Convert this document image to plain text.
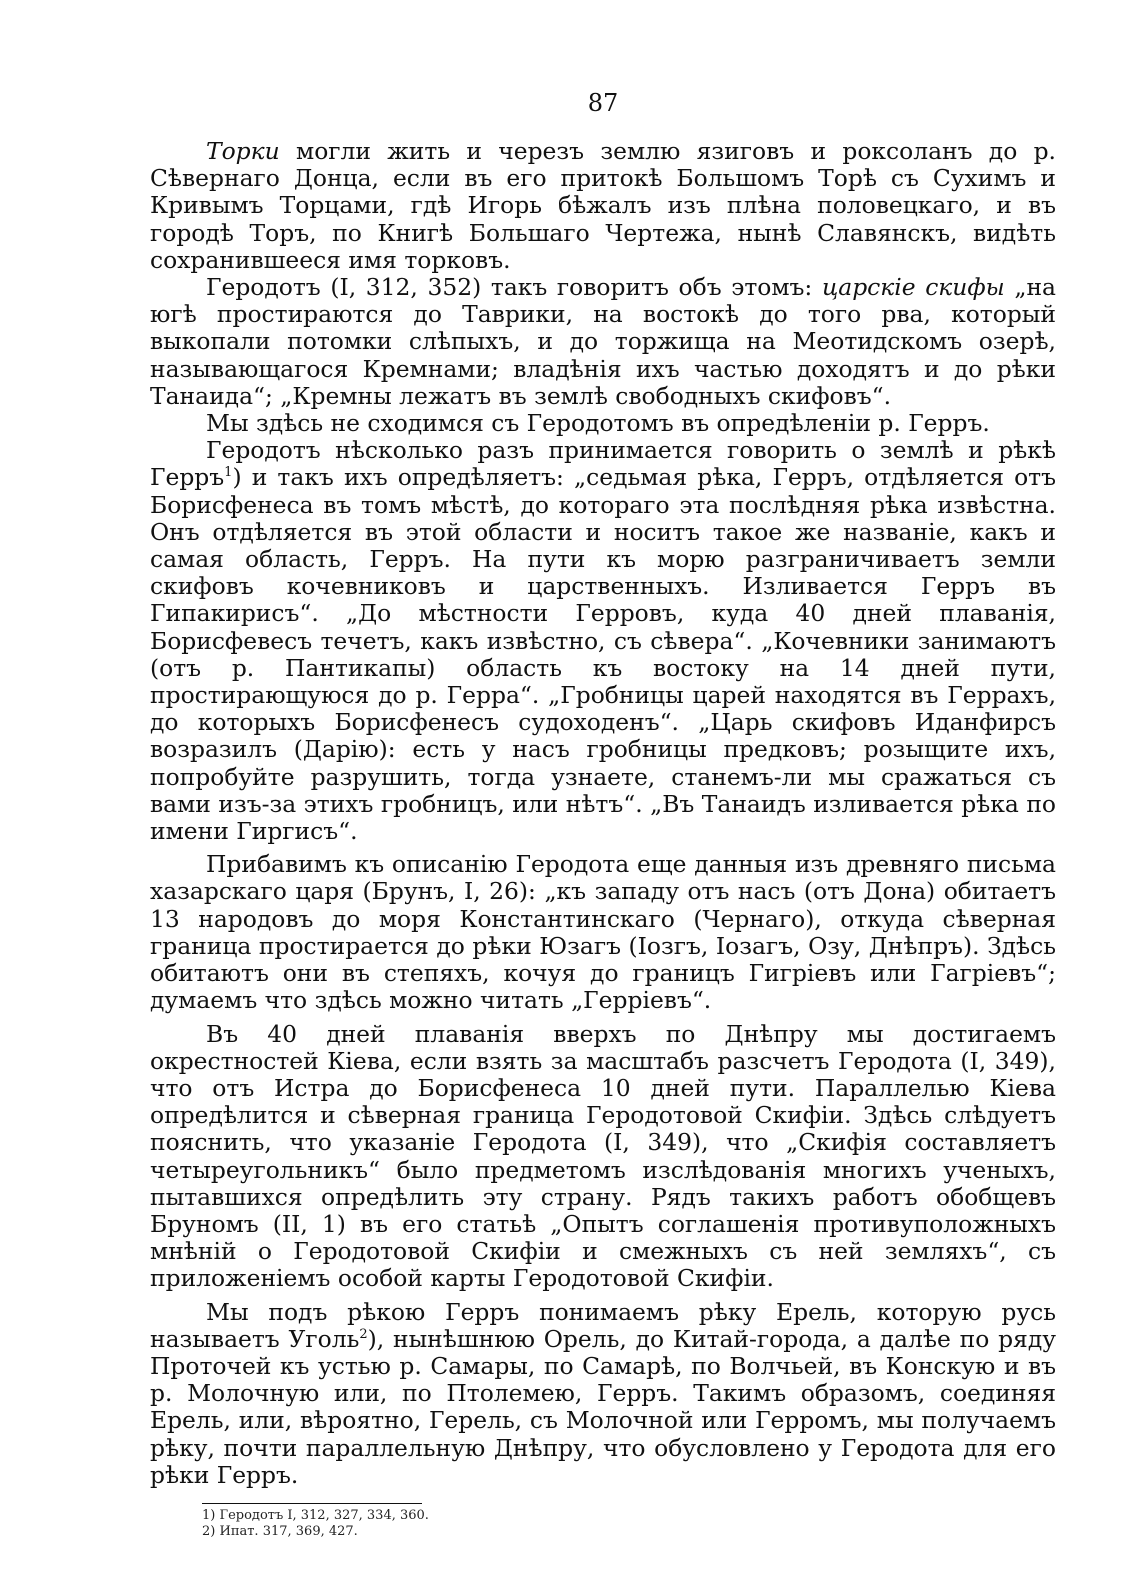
87

Торки могли жить и черезъ землю язиговъ и роксоланъ до р. Сѣвернаго Донца, если въ его притокѣ Большомъ Торѣ съ Сухимъ и Кривымъ Торцами, гдѣ Игорь бѣжалъ изъ плѣна половецкаго, и въ городѣ Торъ, по Книгѣ Большаго Чертежа, нынѣ Славянскъ, видѣть сохранившееся имя торковъ.

Геродотъ (I, 312, 352) такъ говоритъ объ этомъ: царскіе скифы „на югѣ простираются до Таврики, на востокѣ до того рва, который выкопали потомки слѣпыхъ, и до торжища на Меотидскомъ озерѣ, называющагося Кремнами; владѣнія ихъ частью доходятъ и до рѣки Танаида“; „Кремны лежатъ въ землѣ свободныхъ скифовъ“.

Мы здѣсь не сходимся съ Геродотомъ въ опредѣленіи р. Герръ.

Геродотъ нѣсколько разъ принимается говорить о землѣ и рѣкѣ Герръ$^1$) и такъ ихъ опредѣляетъ: „седьмая рѣка, Герръ, отдѣляется отъ Борисфенеса въ томъ мѣстѣ, до котораго эта послѣдняя рѣка извѣстна. Онъ отдѣляется въ этой области и носитъ такое же названіе, какъ и самая область, Герръ. На пути къ морю разграничиваетъ земли скифовъ кочевниковъ и царственныхъ. Изливается Герръ въ Гипакирисъ“. „До мѣстности Герровъ, куда 40 дней плаванія, Борисфевесъ течетъ, какъ извѣстно, съ сѣвера“. „Кочевники занимаютъ (отъ р. Пантикапы) область къ востоку на 14 дней пути, простирающуюся до р. Герра“. „Гробницы царей находятся въ Геррахъ, до которыхъ Борисфенесъ судоходенъ“. „Царь скифовъ Иданфирсъ возразилъ (Дарію): есть у насъ гробницы предковъ; розыщите ихъ, попробуйте разрушить, тогда узнаете, станемъ-ли мы сражаться съ вами изъ-за этихъ гробницъ, или нѣтъ“. „Въ Танаидъ изливается рѣка по имени Гиргисъ“.

Прибавимъ къ описанію Геродота еще данныя изъ древняго письма хазарскаго царя (Брунъ, I, 26): „къ западу отъ насъ (отъ Дона) обитаетъ 13 народовъ до моря Константинскаго (Чернаго), откуда сѣверная граница простирается до рѣки Юзагъ (Iозгъ, Iозагъ, Озу, Днѣпръ). Здѣсь обитаютъ они въ степяхъ, кочуя до границъ Гигріевъ или Гагріевъ“; думаемъ что здѣсь можно читать „Герріевъ“.

Въ 40 дней плаванія вверхъ по Днѣпру мы достигаемъ окрестностей Кіева, если взять за масштабъ разсчетъ Геродота (I, 349), что отъ Истра до Борисфенеса 10 дней пути. Параллелью Кіева опредѣлится и сѣверная граница Геродотовой Скифіи. Здѣсь слѣдуетъ пояснить, что указаніе Геродота (I, 349), что „Скифія составляетъ четыреугольникъ“ было предметомъ изслѣдованія многихъ ученыхъ, пытавшихся опредѣлить эту страну. Рядъ такихъ работъ обобщевъ Бруномъ (II, 1) въ его статьѣ „Опытъ соглашенія противуположныхъ мнѣній о Геродотовой Скифіи и смежныхъ съ ней земляхъ“, съ приложеніемъ особой карты Геродотовой Скифіи.

Мы подъ рѣкою Герръ понимаемъ рѣку Ерель, которую русь называетъ Уголь$^2$), нынѣшнюю Орель, до Китай-города, а далѣе по ряду Проточей къ устью р. Самары, по Самарѣ, по Волчьей, въ Конскую и въ р. Молочную или, по Птолемею, Герръ. Такимъ образомъ, соединяя Ерель, или, вѣроятно, Герель, съ Молочной или Герромъ, мы получаемъ рѣку, почти параллельную Днѣпру, что обусловлено у Геродота для его рѣки Герръ.

1) Геродотъ I, 312, 327, 334, 360.
2) Ипат. 317, 369, 427.
